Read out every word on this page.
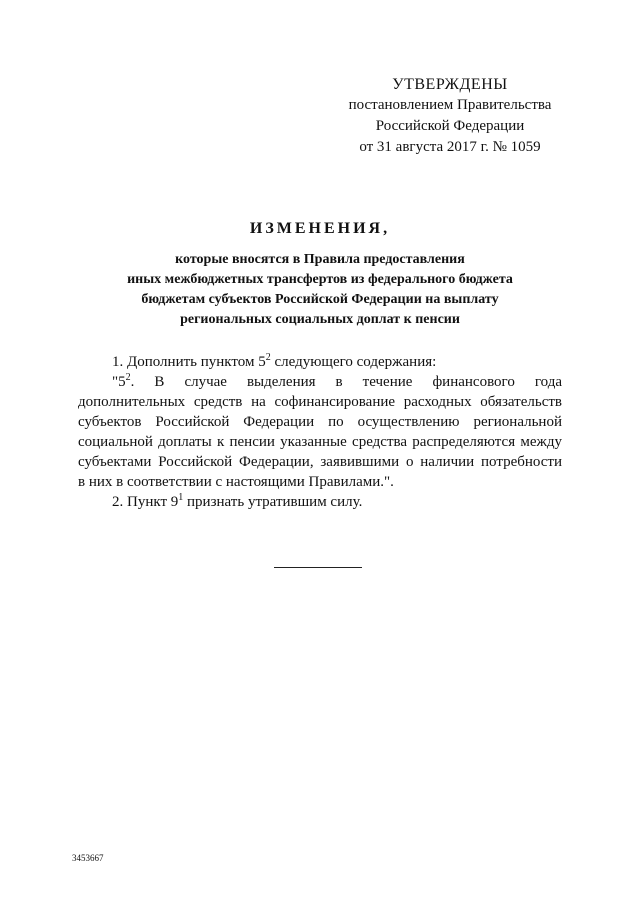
УТВЕРЖДЕНЫ
постановлением Правительства
Российской Федерации
от 31 августа 2017 г. № 1059
ИЗМЕНЕНИЯ,
которые вносятся в Правила предоставления
иных межбюджетных трансфертов из федерального бюджета
бюджетам субъектов Российской Федерации на выплату
региональных социальных доплат к пенсии

1. Дополнить пунктом $5^2$ следующего содержания:

"$5^2$. В случае выделения в течение финансового года

дополнительных средств на софинансирование расходных обязательств

субъектов Российской Федерации по осуществлению региональной

социальной доплаты к пенсии указанные средства распределяются между

субъектами Российской Федерации, заявившими о наличии потребности

в них в соответствии с настоящими Правилами.".

2. Пункт $9^1$ признать утратившим силу.

3453667
